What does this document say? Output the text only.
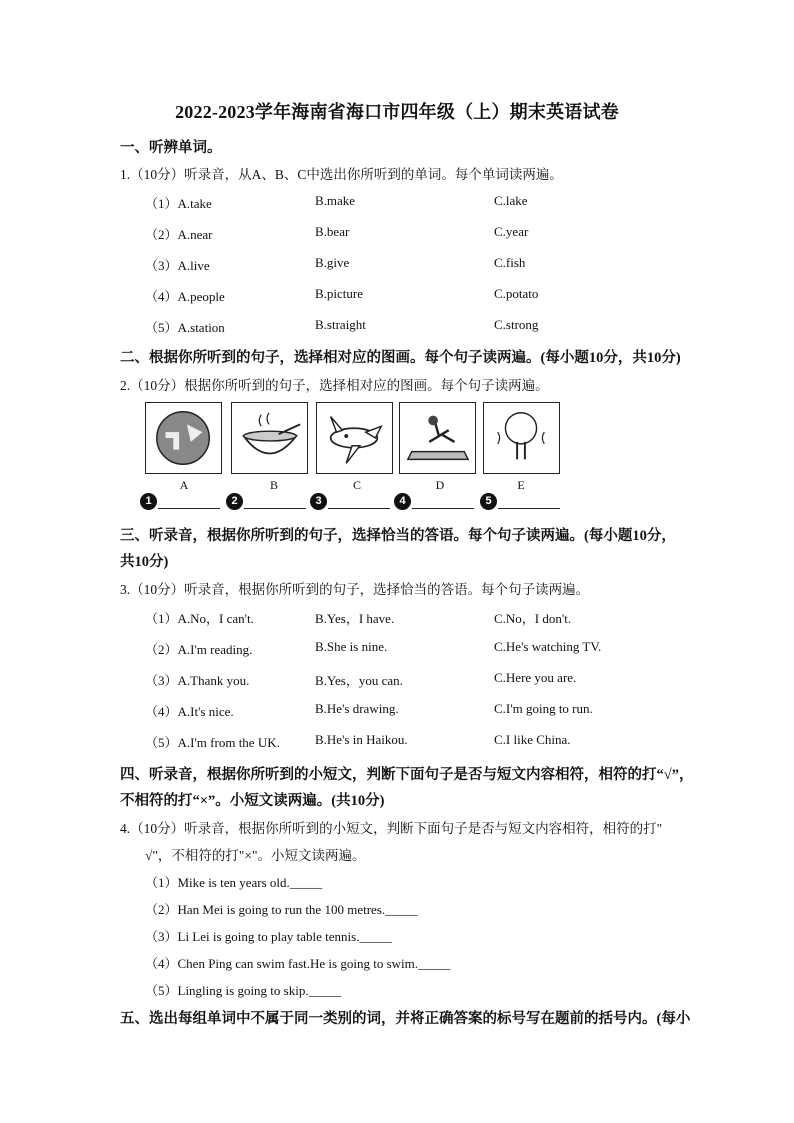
2022-2023学年海南省海口市四年级（上）期末英语试卷
一、听辨单词。
1.（10分）听录音，从A、B、C中选出你所听到的单词。每个单词读两遍。
（1）A.take	B.make	C.lake
（2）A.near	B.bear	C.year
（3）A.live	B.give	C.fish
（4）A.people	B.picture	C.potato
（5）A.station	B.straight	C.strong
二、根据你所听到的句子，选择相对应的图画。每个句子读两遍。(每小题10分，共10分)
2.（10分）根据你所听到的句子，选择相对应的图画。每个句子读两遍。
A	B	C	D	E
1	2	3	4	5
三、听录音，根据你所听到的句子，选择恰当的答语。每个句子读两遍。(每小题10分，
共10分)
3.（10分）听录音，根据你所听到的句子，选择恰当的答语。每个句子读两遍。
（1）A.No，I can't.	B.Yes，I have.	C.No，I don't.
（2）A.I'm reading.	B.She is nine.	C.He's watching TV.
（3）A.Thank you.	B.Yes，you can.	C.Here you are.
（4）A.It's nice.	B.He's drawing.	C.I'm going to run.
（5）A.I'm from the UK.	B.He's in Haikou.	C.I like China.
四、听录音，根据你所听到的小短文，判断下面句子是否与短文内容相符，相符的打“√”，
不相符的打“×”。小短文读两遍。(共10分)
4.（10分）听录音，根据你所听到的小短文，判断下面句子是否与短文内容相符，相符的打"
√"，不相符的打"×"。小短文读两遍。
（1）Mike is ten years old._____
（2）Han Mei is going to run the 100 metres._____
（3）Li Lei is going to play table tennis._____
（4）Chen Ping can swim fast.He is going to swim._____
（5）Lingling is going to skip._____
五、选出每组单词中不属于同一类别的词，并将正确答案的标号写在题前的括号内。(每小
